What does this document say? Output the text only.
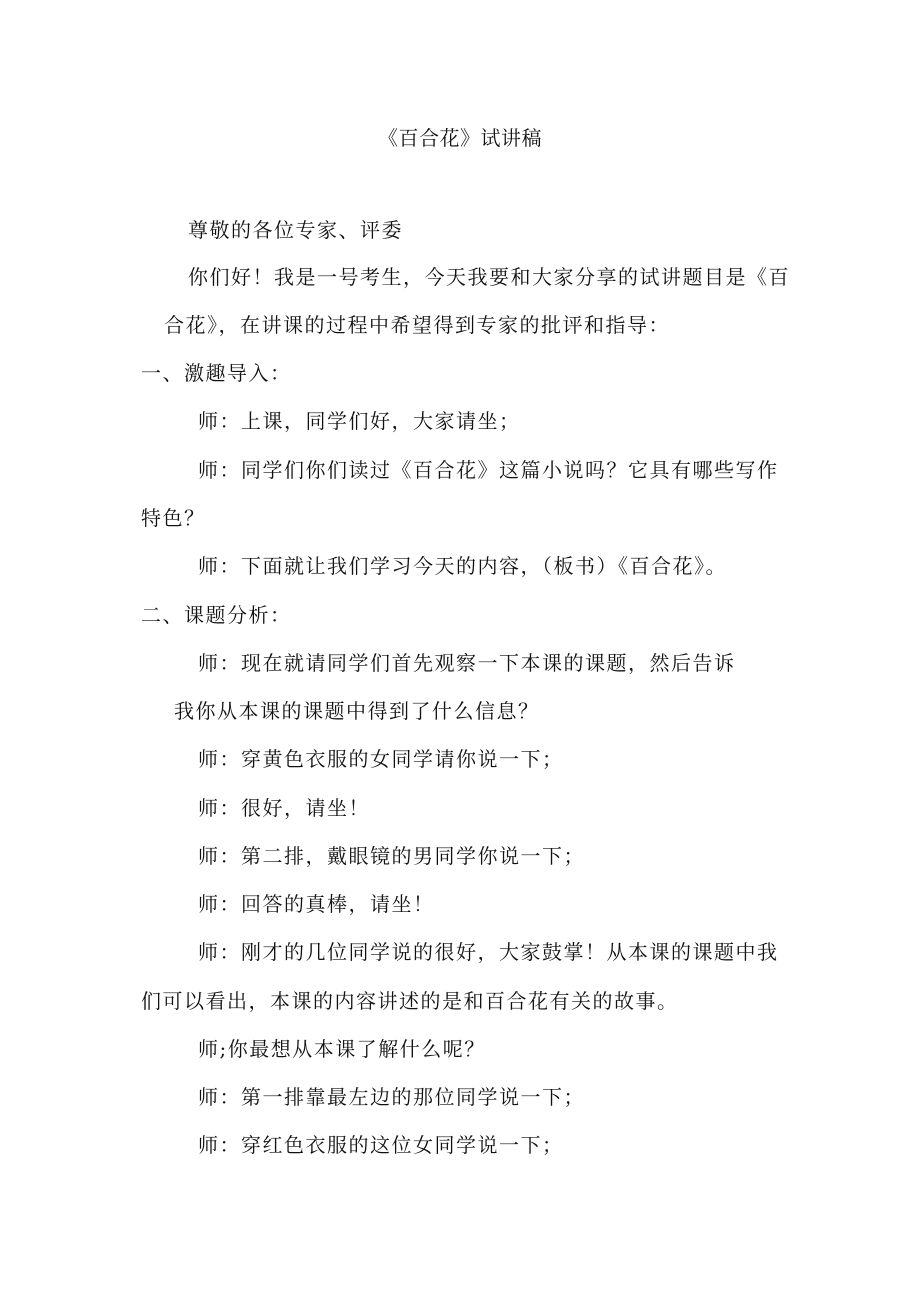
《百合花》试讲稿
尊敬的各位专家、评委
你们好！我是一号考生，今天我要和大家分享的试讲题目是《百
合花》，在讲课的过程中希望得到专家的批评和指导：
一、激趣导入：
师：上课，同学们好，大家请坐；
师：同学们你们读过《百合花》这篇小说吗？它具有哪些写作
特色？
师：下面就让我们学习今天的内容，（板书）《百合花》。
二、课题分析：
师：现在就请同学们首先观察一下本课的课题，然后告诉
我你从本课的课题中得到了什么信息？
师：穿黄色衣服的女同学请你说一下；
师：很好，请坐！
师：第二排，戴眼镜的男同学你说一下；
师：回答的真棒，请坐！
师：刚才的几位同学说的很好，大家鼓掌！从本课的课题中我
们可以看出，本课的内容讲述的是和百合花有关的故事。
师;你最想从本课了解什么呢？
师：第一排靠最左边的那位同学说一下；
师：穿红色衣服的这位女同学说一下；
